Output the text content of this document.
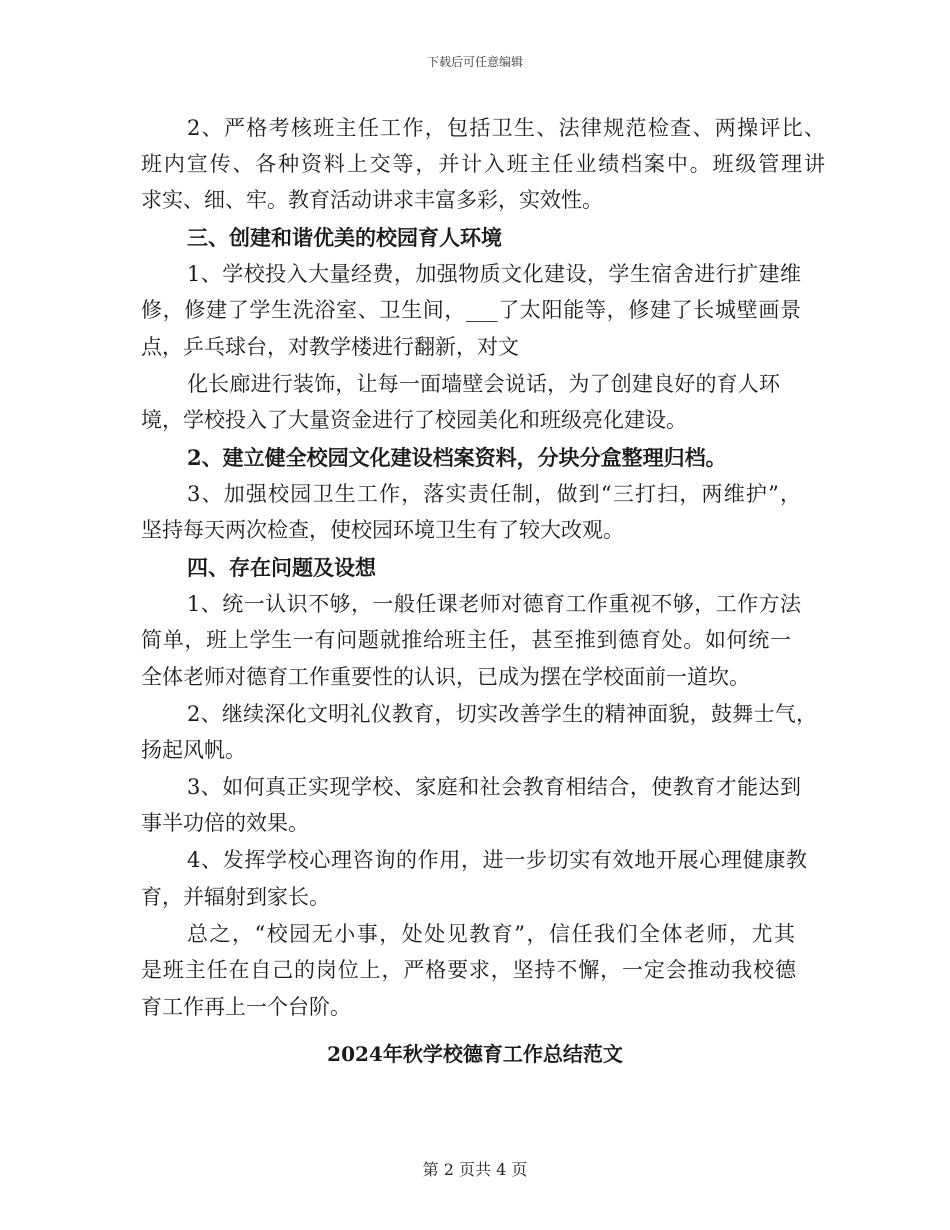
下载后可任意编辑
2、严格考核班主任工作，包括卫生、法律规范检查、两操评比、
班内宣传、各种资料上交等，并计入班主任业绩档案中。班级管理讲
求实、细、牢。教育活动讲求丰富多彩，实效性。
三、创建和谐优美的校园育人环境
1、学校投入大量经费，加强物质文化建设，学生宿舍进行扩建维
修，修建了学生洗浴室、卫生间，___了太阳能等，修建了长城壁画景
点，乒乓球台，对教学楼进行翻新，对文
化长廊进行装饰，让每一面墙壁会说话，为了创建良好的育人环
境，学校投入了大量资金进行了校园美化和班级亮化建设。
2、建立健全校园文化建设档案资料，分块分盒整理归档。
3、加强校园卫生工作，落实责任制，做到“三打扫，两维护”，
坚持每天两次检查，使校园环境卫生有了较大改观。
四、存在问题及设想
1、统一认识不够，一般任课老师对德育工作重视不够，工作方法
简单，班上学生一有问题就推给班主任，甚至推到德育处。如何统一
全体老师对德育工作重要性的认识，已成为摆在学校面前一道坎。
2、继续深化文明礼仪教育，切实改善学生的精神面貌，鼓舞士气，
扬起风帆。
3、如何真正实现学校、家庭和社会教育相结合，使教育才能达到
事半功倍的效果。
4、发挥学校心理咨询的作用，进一步切实有效地开展心理健康教
育，并辐射到家长。
总之，“校园无小事，处处见教育”，信任我们全体老师，尤其
是班主任在自己的岗位上，严格要求，坚持不懈，一定会推动我校德
育工作再上一个台阶。
2024年秋学校德育工作总结范文
第 2 页共 4 页
